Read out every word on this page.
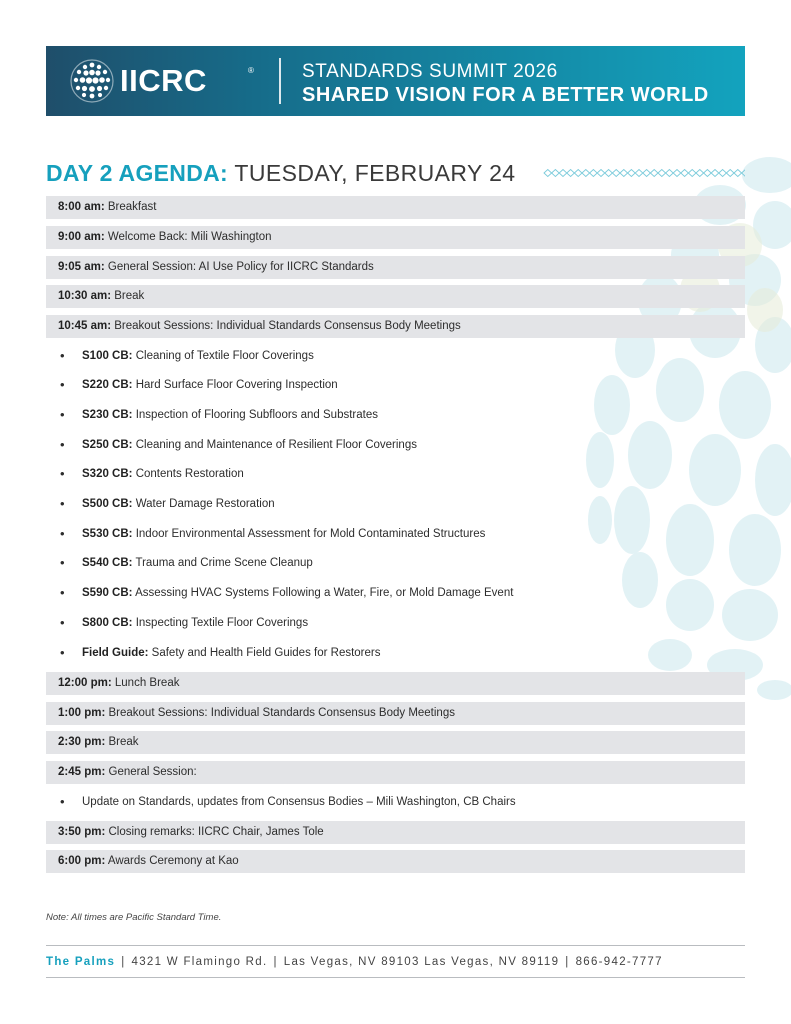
IICRC	®	STANDARDS SUMMIT 2026
SHARED VISION FOR A BETTER WORLD
DAY 2 AGENDA: TUESDAY, FEBRUARY 24
8:00 am: Breakfast
9:00 am: Welcome Back: Mili Washington
9:05 am: General Session: AI Use Policy for IICRC Standards
10:30 am: Break
10:45 am: Breakout Sessions: Individual Standards Consensus Body Meetings
• S100 CB: Cleaning of Textile Floor Coverings
• S220 CB: Hard Surface Floor Covering Inspection
• S230 CB: Inspection of Flooring Subfloors and Substrates
• S250 CB: Cleaning and Maintenance of Resilient Floor Coverings
• S320 CB: Contents Restoration
• S500 CB: Water Damage Restoration
• S530 CB: Indoor Environmental Assessment for Mold Contaminated Structures
• S540 CB: Trauma and Crime Scene Cleanup
• S590 CB: Assessing HVAC Systems Following a Water, Fire, or Mold Damage Event
• S800 CB: Inspecting Textile Floor Coverings
• Field Guide: Safety and Health Field Guides for Restorers
12:00 pm: Lunch Break
1:00 pm: Breakout Sessions: Individual Standards Consensus Body Meetings
2:30 pm: Break
2:45 pm: General Session:
• Update on Standards, updates from Consensus Bodies – Mili Washington, CB Chairs
3:50 pm: Closing remarks: IICRC Chair, James Tole
6:00 pm: Awards Ceremony at Kao
Note: All times are Pacific Standard Time.
The Palms | 4321 W Flamingo Rd. | Las Vegas, NV 89103 Las Vegas, NV 89119 | 866-942-7777
